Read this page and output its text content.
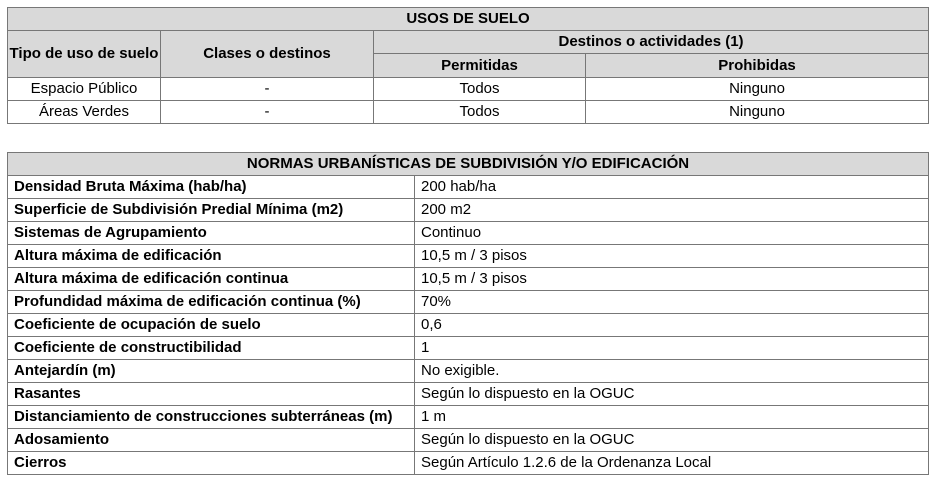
USOS DE SUELO			
Tipo de uso de suelo	Clases o destinos	Destinos o actividades (1)	
		Permitidas	Prohibidas
Espacio Público	-	Todos	Ninguno
Áreas Verdes	-	Todos	Ninguno
NORMAS URBANÍSTICAS DE SUBDIVISIÓN Y/O EDIFICACIÓN	
Densidad Bruta Máxima (hab/ha)	200 hab/ha
Superficie de Subdivisión Predial Mínima (m2)	200 m2
Sistemas de Agrupamiento	Continuo
Altura máxima de edificación	10,5 m / 3 pisos
Altura máxima de edificación continua	10,5 m / 3 pisos
Profundidad máxima de edificación continua (%)	70%
Coeficiente de ocupación de suelo	0,6
Coeficiente de constructibilidad	1
Antejardín (m)	No exigible.
Rasantes	Según lo dispuesto en la OGUC
Distanciamiento de construcciones subterráneas (m)	1 m
Adosamiento	Según lo dispuesto en la OGUC
Cierros	Según Artículo 1.2.6 de la Ordenanza Local
